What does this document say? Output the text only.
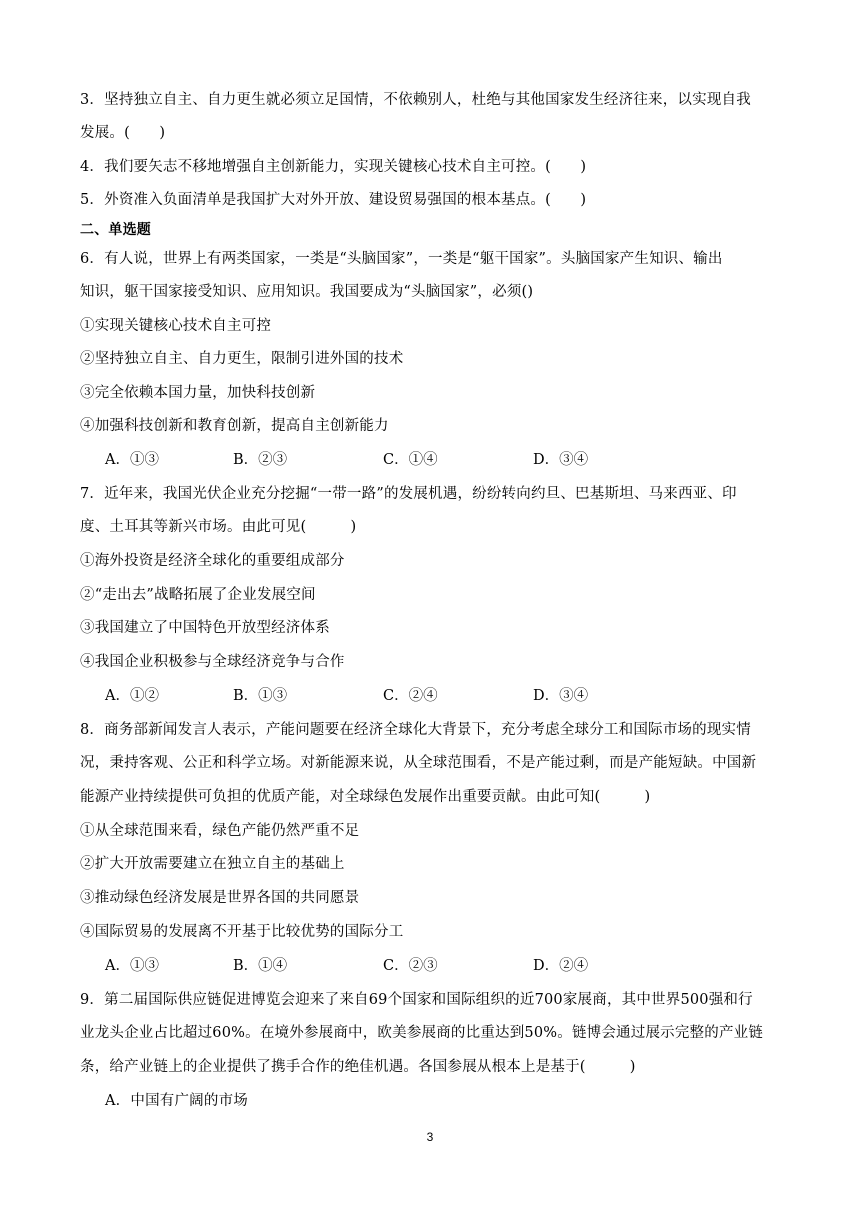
3．坚持独立自主、自力更生就必须立足国情，不依赖别人，杜绝与其他国家发生经济往来，以实现自我
发展。(　　)
4．我们要矢志不移地增强自主创新能力，实现关键核心技术自主可控。(　　)
5．外资准入负面清单是我国扩大对外开放、建设贸易强国的根本基点。(　　)
二、单选题
6．有人说，世界上有两类国家，一类是“头脑国家”，一类是“躯干国家”。头脑国家产生知识、输出
知识，躯干国家接受知识、应用知识。我国要成为“头脑国家”，必须()
①实现关键核心技术自主可控
②坚持独立自主、自力更生，限制引进外国的技术
③完全依赖本国力量，加快科技创新
④加强科技创新和教育创新，提高自主创新能力
A．①③	B．②③	C．①④	D．③④
7．近年来，我国光伏企业充分挖掘“一带一路”的发展机遇，纷纷转向约旦、巴基斯坦、马来西亚、印
度、土耳其等新兴市场。由此可见(　　　)
①海外投资是经济全球化的重要组成部分
②“走出去”战略拓展了企业发展空间
③我国建立了中国特色开放型经济体系
④我国企业积极参与全球经济竞争与合作
A．①②	B．①③	C．②④	D．③④
8．商务部新闻发言人表示，产能问题要在经济全球化大背景下，充分考虑全球分工和国际市场的现实情
况，秉持客观、公正和科学立场。对新能源来说，从全球范围看，不是产能过剩，而是产能短缺。中国新
能源产业持续提供可负担的优质产能，对全球绿色发展作出重要贡献。由此可知(　　　)
①从全球范围来看，绿色产能仍然严重不足
②扩大开放需要建立在独立自主的基础上
③推动绿色经济发展是世界各国的共同愿景
④国际贸易的发展离不开基于比较优势的国际分工
A．①③	B．①④	C．②③	D．②④
9．第二届国际供应链促进博览会迎来了来自69个国家和国际组织的近700家展商，其中世界500强和行
业龙头企业占比超过60%。在境外参展商中，欧美参展商的比重达到50%。链博会通过展示完整的产业链
条，给产业链上的企业提供了携手合作的绝佳机遇。各国参展从根本上是基于(　　　)
A．中国有广阔的市场
3
